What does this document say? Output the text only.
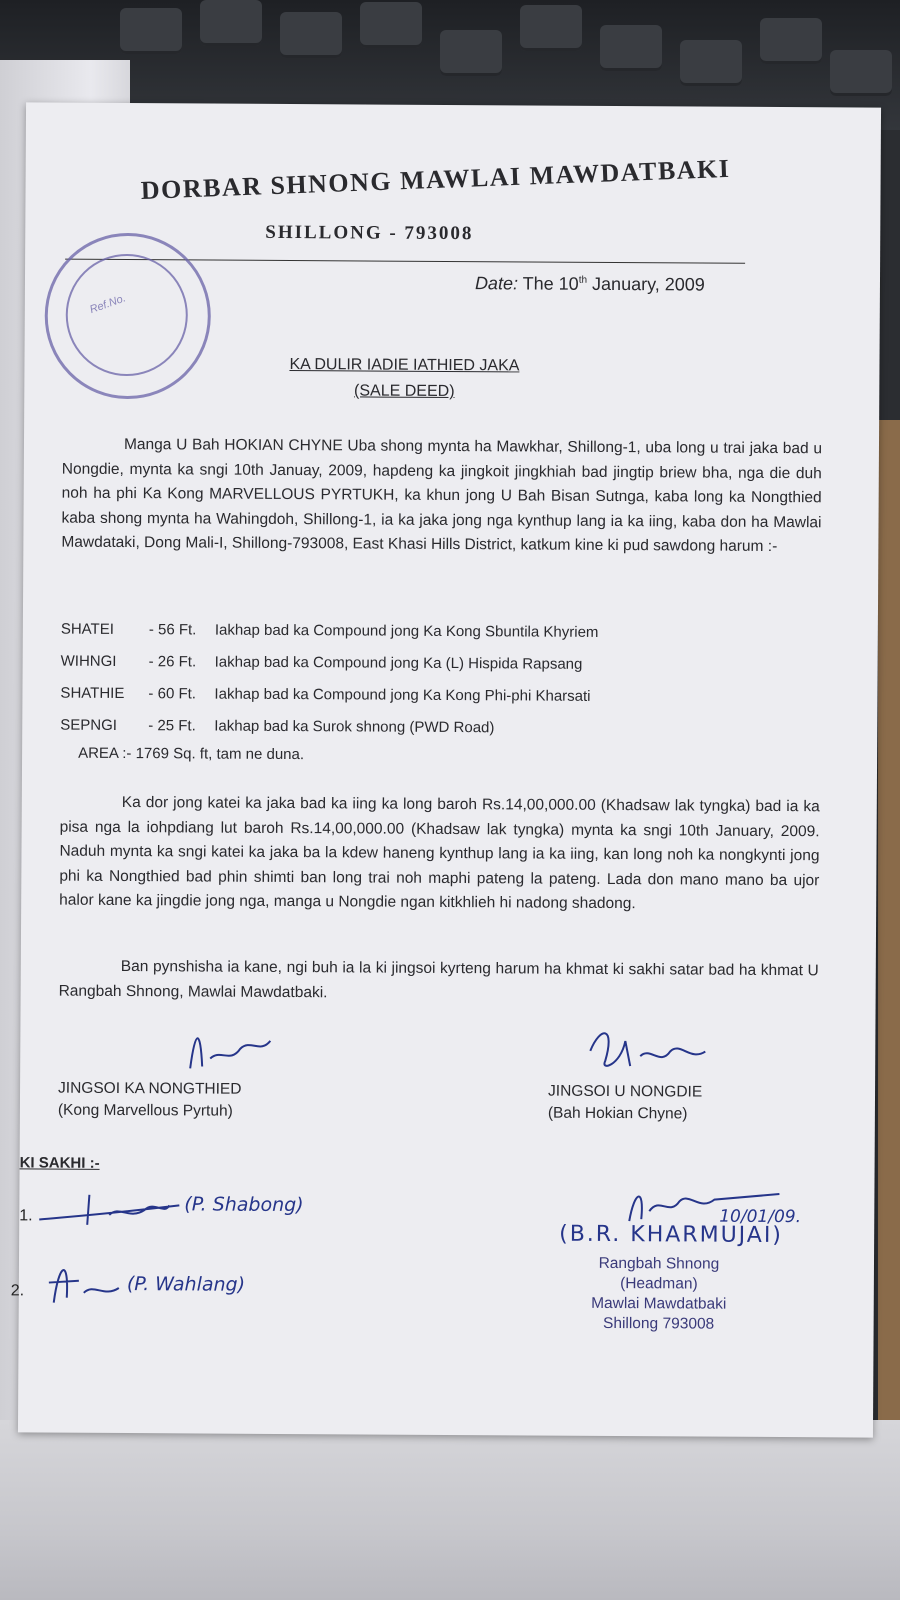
DORBAR SHNONG MAWLAI MAWDATBAKI
SHILLONG - 793008
Ref.No.
Date: The 10th January, 2009
KA DULIR IADIE IATHIED JAKA
(SALE DEED)
Manga U Bah HOKIAN CHYNE Uba shong mynta ha Mawkhar, Shillong-1, uba long u trai jaka bad u Nongdie, mynta ka sngi 10th Januay, 2009, hapdeng ka jingkoit jingkhiah bad jingtip briew bha, nga die duh noh ha phi Ka Kong MARVELLOUS PYRTUKH, ka khun jong U Bah Bisan Sutnga, kaba long ka Nongthied kaba shong mynta ha Wahingdoh, Shillong-1, ia ka jaka jong nga kynthup lang ia ka iing, kaba don ha Mawlai Mawdataki, Dong Mali-I, Shillong-793008, East Khasi Hills District, katkum kine ki pud sawdong harum :-
SHATEI - 56 Ft. Iakhap bad ka Compound jong Ka Kong Sbuntila Khyriem
WIHNGI - 26 Ft. Iakhap bad ka Compound jong Ka (L) Hispida Rapsang
SHATHIE - 60 Ft. Iakhap bad ka Compound jong Ka Kong Phi-phi Kharsati
SEPNGI - 25 Ft. Iakhap bad ka Surok shnong (PWD Road)
AREA :- 1769 Sq. ft, tam ne duna.
Ka dor jong katei ka jaka bad ka iing ka long baroh Rs.14,00,000.00 (Khadsaw lak tyngka) bad ia ka pisa nga la iohpdiang lut baroh Rs.14,00,000.00 (Khadsaw lak tyngka) mynta ka sngi 10th January, 2009. Naduh mynta ka sngi katei ka jaka ba la kdew haneng kynthup lang ia ka iing, kan long noh ka nongkynti jong phi ka Nongthied bad phin shimti ban long trai noh maphi pateng la pateng. Lada don mano mano ba ujor halor kane ka jingdie jong nga, manga u Nongdie ngan kitkhlieh hi nadong shadong.
Ban pynshisha ia kane, ngi buh ia la ki jingsoi kyrteng harum ha khmat ki sakhi satar bad ha khmat U Rangbah Shnong, Mawlai Mawdatbaki.
JINGSOI KA NONGTHIED
(Kong Marvellous Pyrtuh)
JINGSOI U NONGDIE
(Bah Hokian Chyne)
KI SAKHI :-
1.	(P. Shabong)
2.	(P. Wahlang)
10/01/09.
(B.R. KHARMUJAI)
Rangbah Shnong
(Headman)
Mawlai Mawdatbaki
Shillong 793008
